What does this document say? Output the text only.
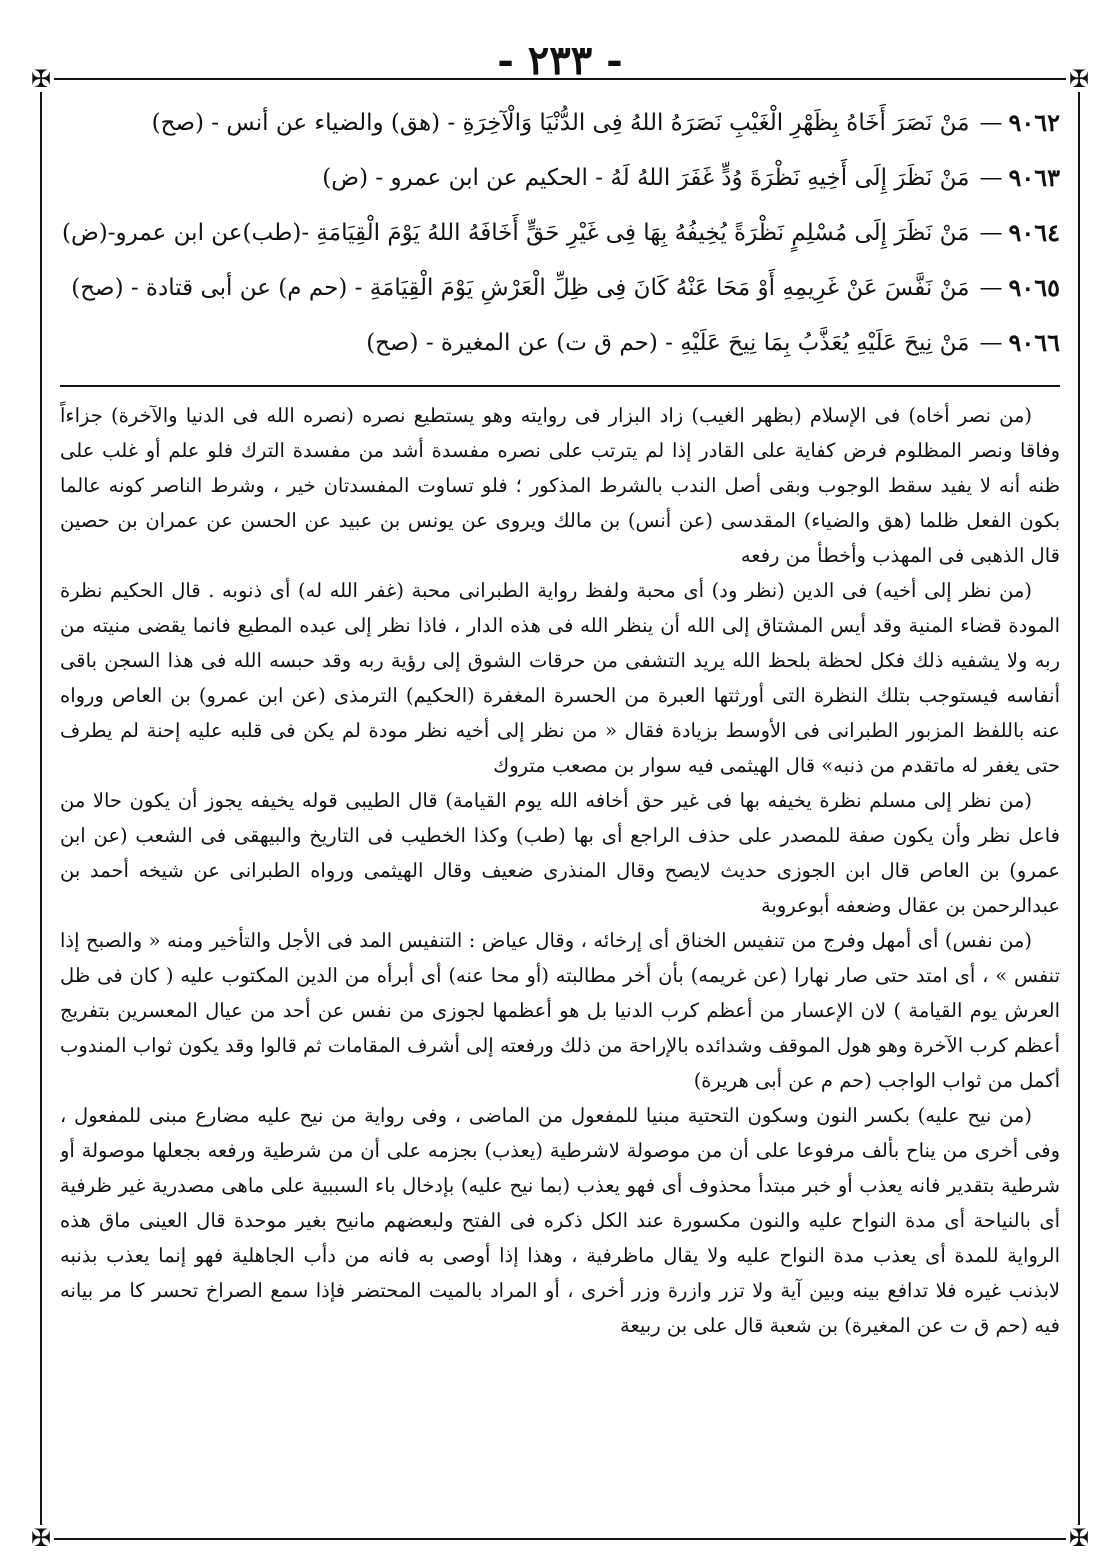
- ٢٣٣ -
✠	✠
✠	✠
٩٠٦٢
—
مَنْ نَصَرَ أَخَاهُ بِظَهْرِ الْغَيْبِ نَصَرَهُ اللهُ فِى الدُّنْيَا وَالْآخِرَةِ - (هق) والضياء عن أنس - (صح)
٩٠٦٣
—
مَنْ نَظَرَ إِلَى أَخِيهِ نَظْرَةَ وُدٍّ غَفَرَ اللهُ لَهُ - الحكيم عن ابن عمرو - (ض)
٩٠٦٤
—
مَنْ نَظَرَ إِلَى مُسْلِمٍ نَظْرَةً يُخِيفُهُ بِهَا فِى غَيْرِ حَقٍّ أَخَافَهُ اللهُ يَوْمَ الْقِيَامَةِ -(طب)عن ابن عمرو-(ض)
٩٠٦٥
—
مَنْ نَفَّسَ عَنْ غَرِيمِهِ أَوْ مَحَا عَنْهُ كَانَ فِى ظِلِّ الْعَرْشِ يَوْمَ الْقِيَامَةِ - (حم م) عن أبى قتادة - (صح)
٩٠٦٦
—
مَنْ نِيحَ عَلَيْهِ يُعَذَّبُ بِمَا نِيحَ عَلَيْهِ - (حم ق ت) عن المغيرة - (صح)

(من نصر أخاه) فى الإسلام (بظهر الغيب) زاد البزار فى روايته وهو يستطيع نصره (نصره الله فى الدنيا والآخرة) جزاءاً وفاقا ونصر المظلوم فرض كفاية على القادر إذا لم يترتب على نصره مفسدة أشد من مفسدة الترك فلو علم أو غلب على ظنه أنه لا يفيد سقط الوجوب وبقى أصل الندب بالشرط المذكور ؛ فلو تساوت المفسدتان خير ، وشرط الناصر كونه عالما بكون الفعل ظلما (هق والضياء) المقدسى (عن أنس) بن مالك ويروى عن يونس بن عبيد عن الحسن عن عمران بن حصين قال الذهبى فى المهذب وأخطأ من رفعه

(من نظر إلى أخيه) فى الدين (نظر ود) أى محبة ولفظ رواية الطبرانى محبة (غفر الله له) أى ذنوبه . قال الحكيم نظرة المودة قضاء المنية وقد أيس المشتاق إلى الله أن ينظر الله فى هذه الدار ، فاذا نظر إلى عبده المطيع فانما يقضى منيته من ربه ولا يشفيه ذلك فكل لحظة بلحظ الله يريد التشفى من حرقات الشوق إلى رؤية ربه وقد حبسه الله فى هذا السجن باقى أنفاسه فيستوجب بتلك النظرة التى أورثتها العبرة من الحسرة المغفرة (الحكيم) الترمذى (عن ابن عمرو) بن العاص ورواه عنه باللفظ المزبور الطبرانى فى الأوسط بزيادة فقال « من نظر إلى أخيه نظر مودة لم يكن فى قلبه عليه إحنة لم يطرف حتى يغفر له ماتقدم من ذنبه» قال الهيثمى فيه سوار بن مصعب متروك

(من نظر إلى مسلم نظرة يخيفه بها فى غير حق أخافه الله يوم القيامة) قال الطيبى قوله يخيفه يجوز أن يكون حالا من فاعل نظر وأن يكون صفة للمصدر على حذف الراجع أى بها (طب) وكذا الخطيب فى التاريخ والبيهقى فى الشعب (عن ابن عمرو) بن العاص قال ابن الجوزى حديث لايصح وقال المنذرى ضعيف وقال الهيثمى ورواه الطبرانى عن شيخه أحمد بن عبدالرحمن بن عقال وضعفه أبوعروبة

(من نفس) أى أمهل وفرج من تنفيس الخناق أى إرخائه ، وقال عياض : التنفيس المد فى الأجل والتأخير ومنه « والصبح إذا تنفس » ، أى امتد حتى صار نهارا (عن غريمه) بأن أخر مطالبته (أو محا عنه) أى أبرأه من الدين المكتوب عليه ( كان فى ظل العرش يوم القيامة ) لان الإعسار من أعظم كرب الدنيا بل هو أعظمها لجوزى من نفس عن أحد من عيال المعسرين بتفريج أعظم كرب الآخرة وهو هول الموقف وشدائده بالإراحة من ذلك ورفعته إلى أشرف المقامات ثم قالوا وقد يكون ثواب المندوب أكمل من ثواب الواجب (حم م عن أبى هريرة)

(من نيح عليه) بكسر النون وسكون التحتية مبنيا للمفعول من الماضى ، وفى رواية من نيح عليه مضارع مبنى للمفعول ، وفى أخرى من يناح بألف مرفوعا على أن من موصولة لاشرطية (يعذب) بجزمه على أن من شرطية ورفعه بجعلها موصولة أو شرطية بتقدير فانه يعذب أو خبر مبتدأ محذوف أى فهو يعذب (بما نيح عليه) بإدخال باء السببية على ماهى مصدرية غير ظرفية أى بالنياحة أى مدة النواح عليه والنون مكسورة عند الكل ذكره فى الفتح ولبعضهم مانيح بغير موحدة قال العينى ماق هذه الرواية للمدة أى يعذب مدة النواح عليه ولا يقال ماظرفية ، وهذا إذا أوصى به فانه من دأب الجاهلية فهو إنما يعذب بذنبه لابذنب غيره فلا تدافع بينه وبين آية ولا تزر وازرة وزر أخرى ، أو المراد بالميت المحتضر فإذا سمع الصراخ تحسر كا مر بيانه فيه (حم ق ت عن المغيرة) بن شعبة قال على بن ربيعة
